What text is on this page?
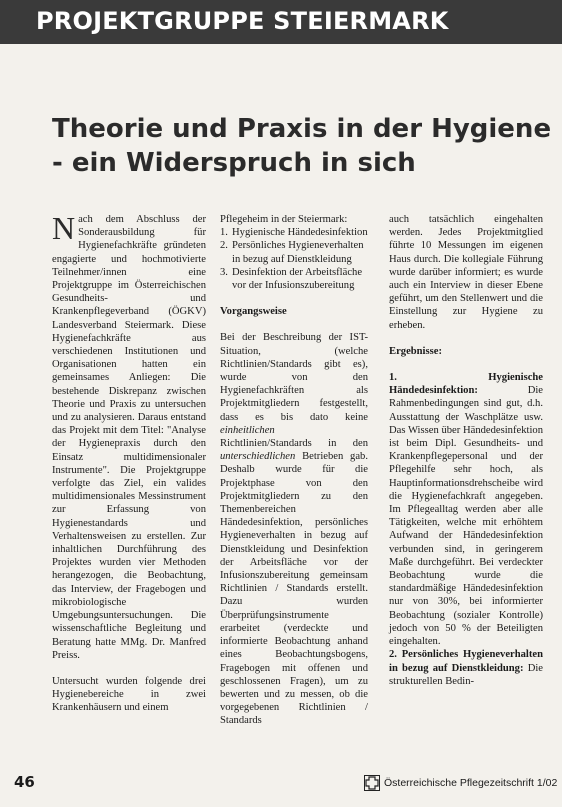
PROJEKTGRUPPE STEIERMARK
Theorie und Praxis in der Hygiene
- ein Widerspruch in sich

Nach dem Abschluss der Sonderausbildung für Hygienefachkräfte gründeten engagierte und hochmotivierte Teilnehmer/innen eine Projektgruppe im Österreichischen Gesundheits- und Krankenpflegeverband (ÖGKV) Landesverband Steiermark. Diese Hygienefachkräfte aus verschiedenen Institutionen und Organisationen hatten ein gemeinsames Anliegen: Die bestehende Diskrepanz zwischen Theorie und Praxis zu untersuchen und zu analysieren. Daraus entstand das Projekt mit dem Titel: "Analyse der Hygienepraxis durch den Einsatz multidimensionaler Instrumente". Die Projektgruppe verfolgte das Ziel, ein valides multidimensionales Messinstrument zur Erfassung von Hygienestandards und Verhaltensweisen zu erstellen. Zur inhaltlichen Durchführung des Projektes wurden vier Methoden herangezogen, die Beobachtung, das Interview, der Fragebogen und mikrobiologische Umgebungsuntersuchungen. Die wissenschaftliche Begleitung und Beratung hatte MMg. Dr. Manfred Preiss.

Untersucht wurden folgende drei Hygienebereiche in zwei Krankenhäusern und einem

Pflegeheim in der Steiermark:

1. Hygienische Händedesinfektion
2. Persönliches Hygieneverhalten in bezug auf Dienstkleidung
3. Desinfektion der Arbeitsfläche vor der Infusionszubereitung

Vorgangsweise

Bei der Beschreibung der IST-Situation, (welche Richtlinien/Standards gibt es), wurde von den Hygienefachkräften als Projektmitgliedern festgestellt, dass es bis dato keine einheitlichen Richtlinien/Standards in den unterschiedlichen Betrieben gab. Deshalb wurde für die Projektphase von den Projektmitgliedern zu den Themenbereichen Händedesinfektion, persönliches Hygieneverhalten in bezug auf Dienstkleidung und Desinfektion der Arbeitsfläche vor der Infusionszubereitung gemeinsam Richtlinien / Standards erstellt. Dazu wurden Überprüfungsinstrumente erarbeitet (verdeckte und informierte Beobachtung anhand eines Beobachtungsbogens, Fragebogen mit offenen und geschlossenen Fragen), um zu bewerten und zu messen, ob die vorgegebenen Richtlinien / Standards

auch tatsächlich eingehalten werden. Jedes Projektmitglied führte 10 Messungen im eigenen Haus durch. Die kollegiale Führung wurde darüber informiert; es wurde auch ein Interview in dieser Ebene geführt, um den Stellenwert und die Einstellung zur Hygiene zu erheben.

Ergebnisse:

1. Hygienische Händedesinfektion:	Die Rahmenbedingungen sind gut, d.h. Ausstattung der Waschplätze usw. Das Wissen über Händedesinfektion ist beim Dipl. Gesundheits- und Krankenpflegepersonal und der Pflegehilfe sehr hoch, als Hauptinformationsdrehscheibe wird die Hygienefachkraft angegeben. Im Pflegealltag werden aber alle Tätigkeiten, welche mit erhöhtem Aufwand der Händedesinfektion verbunden sind, in geringerem Maße durchgeführt. Bei verdeckter Beobachtung wurde die standardmäßige Händedesinfektion nur von 30%, bei informierter Beobachtung (sozialer Kontrolle) jedoch von 50 % der Beteiligten eingehalten.

2. Persönliches Hygieneverhalten in bezug auf Dienstkleidung: Die strukturellen Bedin-

46	Österreichische Pflegezeitschrift 1/02
